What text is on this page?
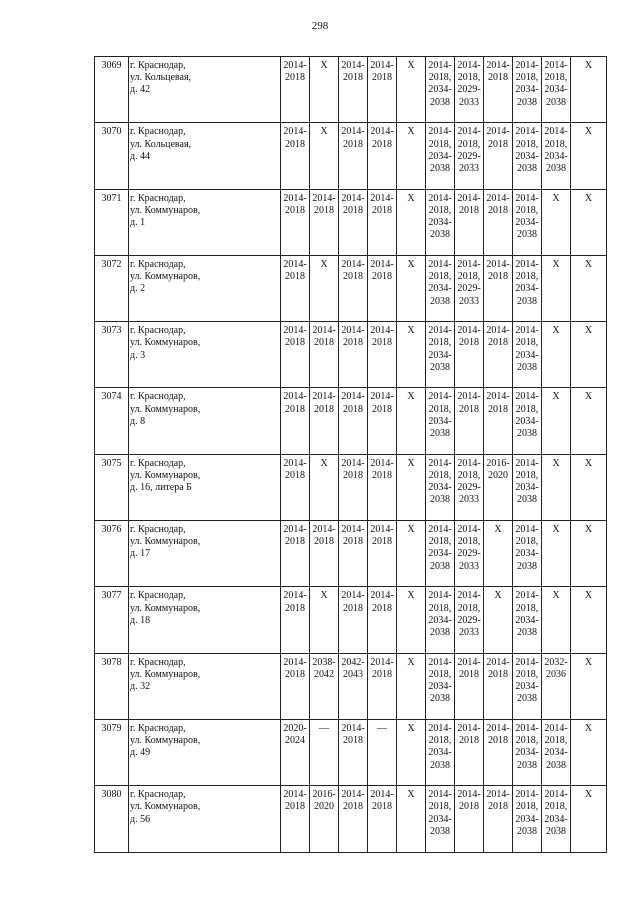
298
3069	г. Краснодар,
ул. Кольцевая,
д. 42	2014-
2018	X	2014-
2018	2014-
2018	X	2014-
2018,
2034-
2038	2014-
2018,
2029-
2033	2014-
2018	2014-
2018,
2034-
2038	2014-
2018,
2034-
2038	X
3070	г. Краснодар,
ул. Кольцевая,
д. 44	2014-
2018	X	2014-
2018	2014-
2018	X	2014-
2018,
2034-
2038	2014-
2018,
2029-
2033	2014-
2018	2014-
2018,
2034-
2038	2014-
2018,
2034-
2038	X
3071	г. Краснодар,
ул. Коммунаров,
д. 1	2014-
2018	2014-
2018	2014-
2018	2014-
2018	X	2014-
2018,
2034-
2038	2014-
2018	2014-
2018	2014-
2018,
2034-
2038	X	X
3072	г. Краснодар,
ул. Коммунаров,
д. 2	2014-
2018	X	2014-
2018	2014-
2018	X	2014-
2018,
2034-
2038	2014-
2018,
2029-
2033	2014-
2018	2014-
2018,
2034-
2038	X	X
3073	г. Краснодар,
ул. Коммунаров,
д. 3	2014-
2018	2014-
2018	2014-
2018	2014-
2018	X	2014-
2018,
2034-
2038	2014-
2018	2014-
2018	2014-
2018,
2034-
2038	X	X
3074	г. Краснодар,
ул. Коммунаров,
д. 8	2014-
2018	2014-
2018	2014-
2018	2014-
2018	X	2014-
2018,
2034-
2038	2014-
2018	2014-
2018	2014-
2018,
2034-
2038	X	X
3075	г. Краснодар,
ул. Коммунаров,
д. 16, литера Б	2014-
2018	X	2014-
2018	2014-
2018	X	2014-
2018,
2034-
2038	2014-
2018,
2029-
2033	2016-
2020	2014-
2018,
2034-
2038	X	X
3076	г. Краснодар,
ул. Коммунаров,
д. 17	2014-
2018	2014-
2018	2014-
2018	2014-
2018	X	2014-
2018,
2034-
2038	2014-
2018,
2029-
2033	X	2014-
2018,
2034-
2038	X	X
3077	г. Краснодар,
ул. Коммунаров,
д. 18	2014-
2018	X	2014-
2018	2014-
2018	X	2014-
2018,
2034-
2038	2014-
2018,
2029-
2033	X	2014-
2018,
2034-
2038	X	X
3078	г. Краснодар,
ул. Коммунаров,
д. 32	2014-
2018	2038-
2042	2042-
2043	2014-
2018	X	2014-
2018,
2034-
2038	2014-
2018	2014-
2018	2014-
2018,
2034-
2038	2032-
2036	X
3079	г. Краснодар,
ул. Коммунаров,
д. 49	2020-
2024	—	2014-
2018	—	X	2014-
2018,
2034-
2038	2014-
2018	2014-
2018	2014-
2018,
2034-
2038	2014-
2018,
2034-
2038	X
3080	г. Краснодар,
ул. Коммунаров,
д. 56	2014-
2018	2016-
2020	2014-
2018	2014-
2018	X	2014-
2018,
2034-
2038	2014-
2018	2014-
2018	2014-
2018,
2034-
2038	2014-
2018,
2034-
2038	X
